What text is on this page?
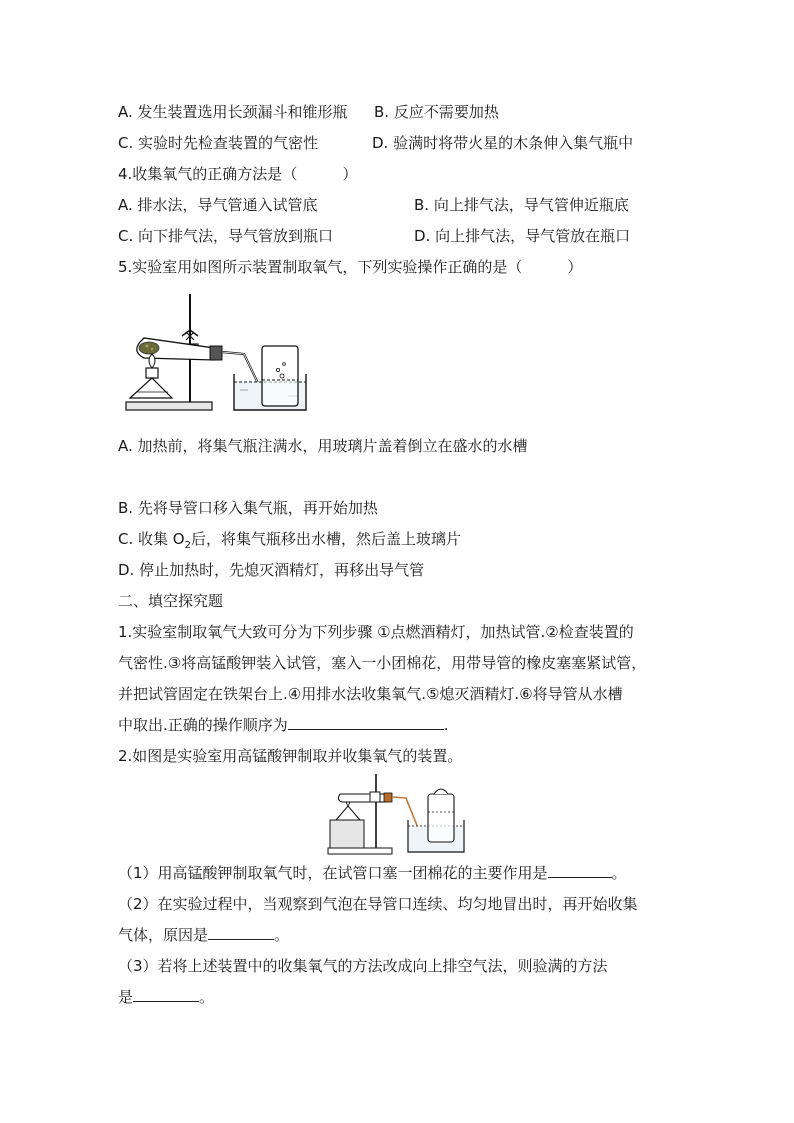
A. 发生装置选用长颈漏斗和锥形瓶 B. 反应不需要加热
C. 实验时先检查装置的气密性	D. 验满时将带火星的木条伸入集气瓶中
4.收集氧气的正确方法是（　　　）
A. 排水法，导气管通入试管底	B. 向上排气法，导气管伸近瓶底
C. 向下排气法，导气管放到瓶口	D. 向上排气法，导气管放在瓶口
5.实验室用如图所示装置制取氧气，下列实验操作正确的是（　　　）
A. 加热前，将集气瓶注满水，用玻璃片盖着倒立在盛水的水槽
B. 先将导管口移入集气瓶，再开始加热
C. 收集 $O_2$后，将集气瓶移出水槽，然后盖上玻璃片
D. 停止加热时，先熄灭酒精灯，再移出导气管
二、填空探究题
1.实验室制取氧气大致可分为下列步骤 ①点燃酒精灯，加热试管.②检查装置的
气密性.③将高锰酸钾装入试管，塞入一小团棉花，用带导管的橡皮塞塞紧试管，
并把试管固定在铁架台上.④用排水法收集氧气.⑤熄灭酒精灯.⑥将导管从水槽
中取出.正确的操作顺序为	.
2.如图是实验室用高锰酸钾制取并收集氧气的装置。
（1）用高锰酸钾制取氧气时，在试管口塞一团棉花的主要作用是	。
（2）在实验过程中，当观察到气泡在导管口连续、均匀地冒出时，再开始收集
气体，原因是	。
（3）若将上述装置中的收集氧气的方法改成向上排空气法，则验满的方法
是	。
